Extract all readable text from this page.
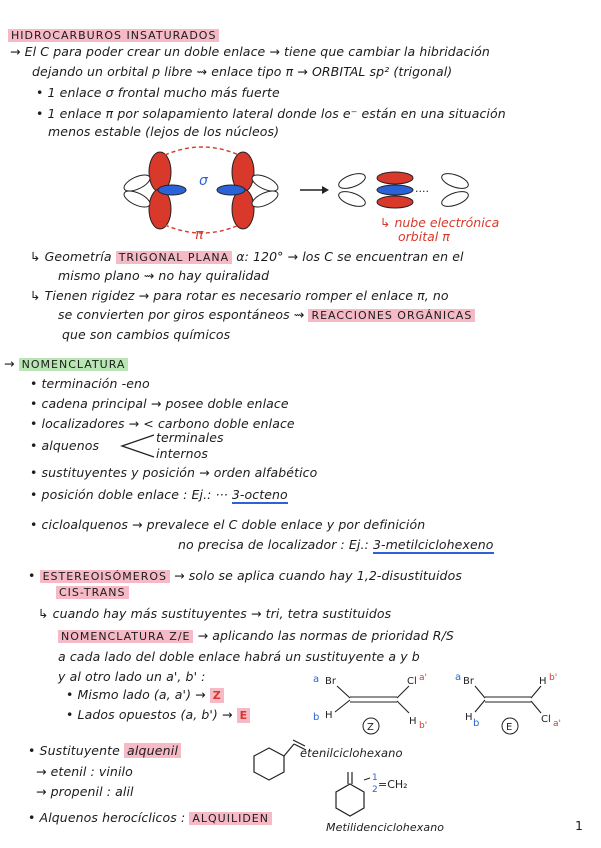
HIDROCARBUROS INSATURADOS
→ El C para poder crear un doble enlace → tiene que cambiar la hibridación
dejando un orbital p libre ⇝ enlace tipo π → ORBITAL sp² (trigonal)
• 1 enlace σ frontal mucho más fuerte
• 1 enlace π por solapamiento lateral donde los e⁻ están en una situación
menos estable (lejos de los núcleos)
σ
π
····
↳ nube electrónica
orbital π
↳ Geometría TRIGONAL PLANA α: 120° → los C se encuentran en el
mismo plano ⇝ no hay quiralidad
↳ Tienen rigidez → para rotar es necesario romper el enlace π, no
se convierten por giros espontáneos ⇝ REACCIONES ORGÁNICAS
que son cambios químicos
→ NOMENCLATURA
• terminación -eno
• cadena principal → posee doble enlace
• localizadores → < carbono doble enlace
• alquenos
terminales
internos
• sustituyentes y posición → orden alfabético
• posición doble enlace : Ej.: ··· 3-octeno
• cicloalquenos → prevalece el C doble enlace y por definición
no precisa de localizador : Ej.: 3-metilciclohexeno
• ESTEREOISÓMEROS → solo se aplica cuando hay 1,2-disustituidos
CIS-TRANS
↳ cuando hay más sustituyentes → tri, tetra sustituidos
NOMENCLATURA Z/E → aplicando las normas de prioridad R/S
a cada lado del doble enlace habrá un sustituyente a y b
y al otro lado un a', b' :
• Mismo lado (a, a') → Z
• Lados opuestos (a, b') → E
a Br
b H
Cl a'
H b'
Z
a Br
H
b
H b'
Cl a'
E
• Sustituyente alquenil
→ etenil : vinilo
→ propenil : alil
etenilciclohexano
1
2 =CH₂
Metilidenciclohexano
• Alquenos herocíclicos : ALQUILIDEN	1
